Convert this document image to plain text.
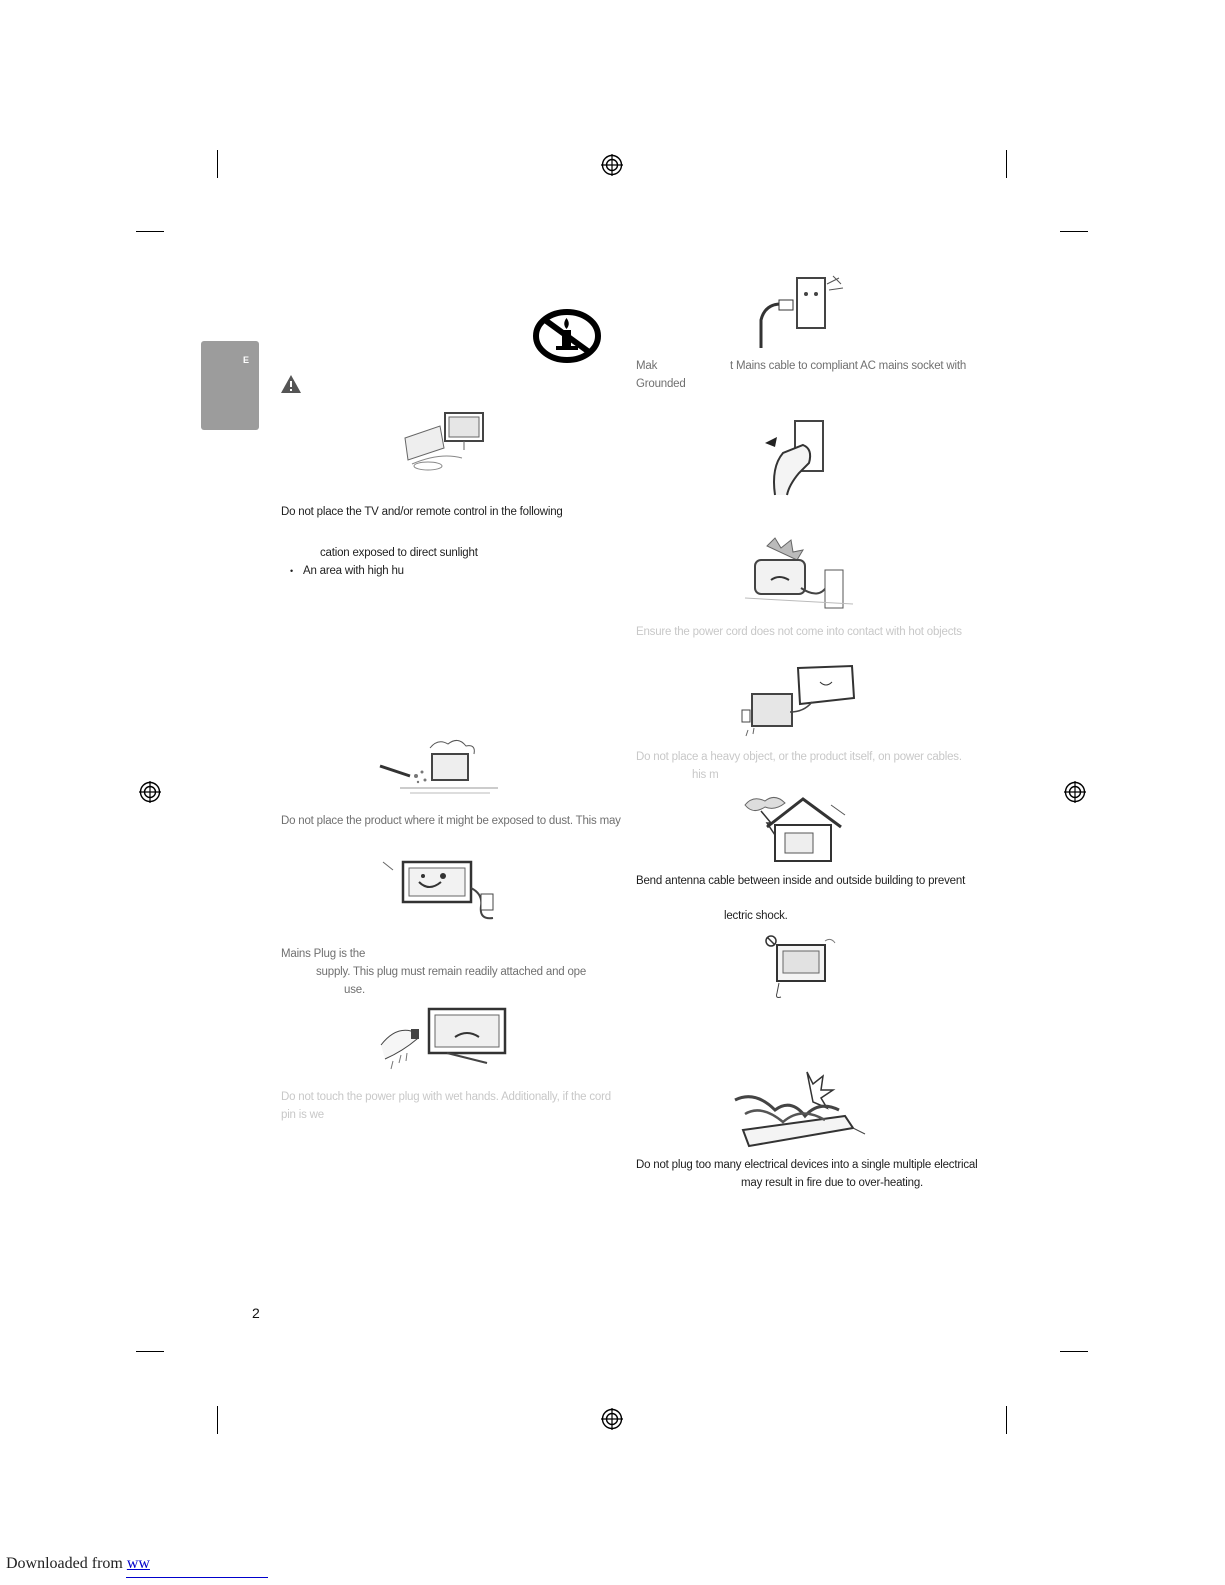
E
Do not place the TV and/or remote control in the following
cation exposed to direct sunlight
• An area with high hu
Do not place the product where it might be exposed to dust. This may
Mains Plug is the
supply. This plug must remain readily attached and ope
use.
Do not touch the power plug with wet hands. Additionally, if the cord
pin is we
Mak	t Mains cable to compliant AC mains socket with
Grounded
Ensure the power cord does not come into contact with hot objects
Do not place a heavy object, or the product itself, on power cables.
his m
Bend antenna cable between inside and outside building to prevent
lectric shock.
Do not plug too many electrical devices into a single multiple electrical
may result in fire due to over-heating.
2
Downloaded from ww
